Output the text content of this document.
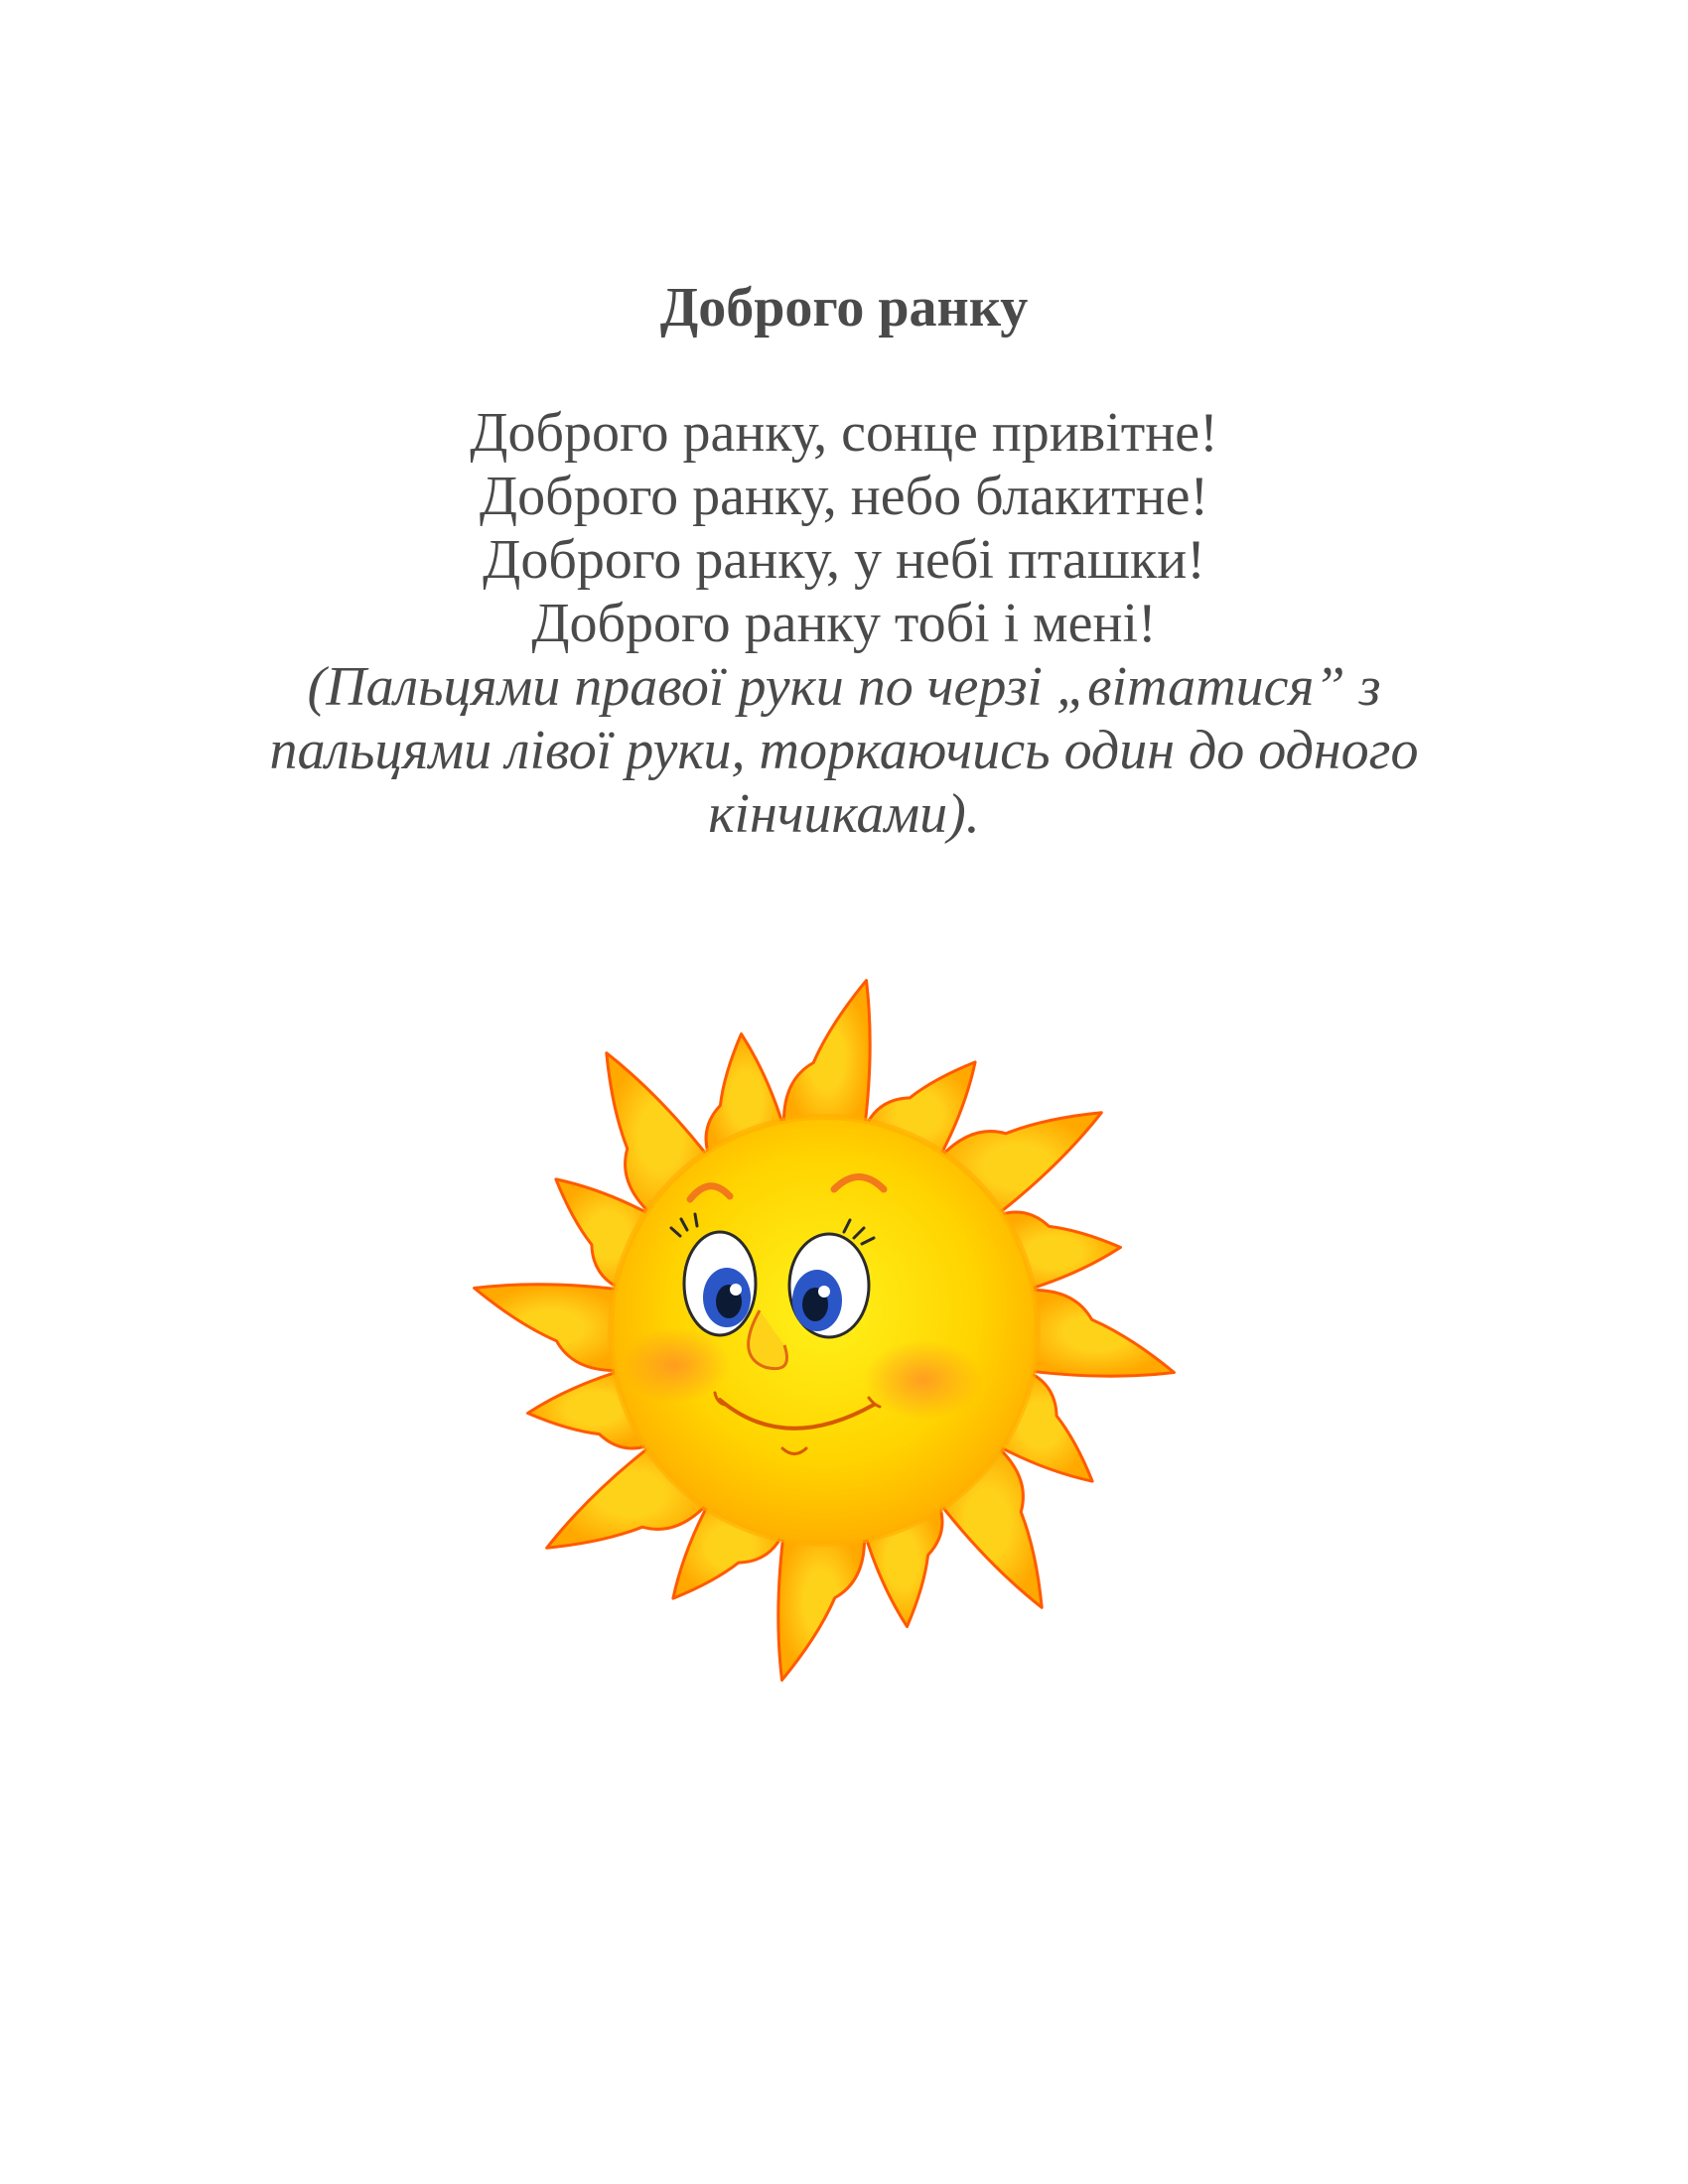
Доброго ранку
Доброго ранку, сонце привітне!
Доброго ранку, небо блакитне!
Доброго ранку, у небі пташки!
Доброго ранку тобі і мені!
(Пальцями правої руки по черзі „вітатися” з
пальцями лівої руки, торкаючись один до одного
кінчиками).
